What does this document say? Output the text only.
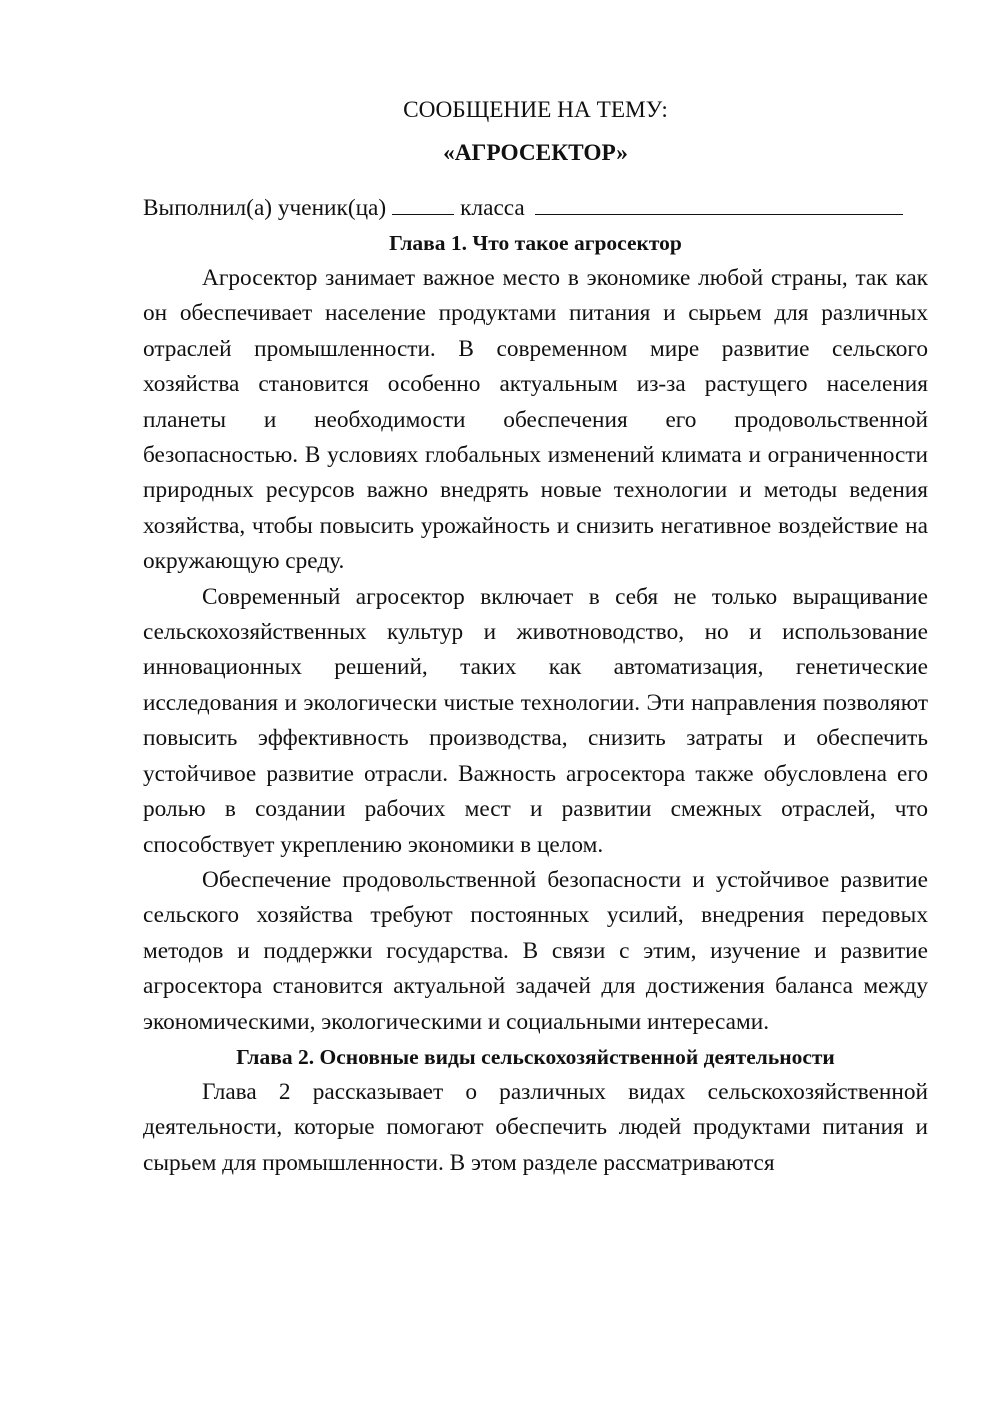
СООБЩЕНИЕ НА ТЕМУ:
«АГРОСЕКТОР»
Выполнил(а) ученик(ца)	класса
Глава 1. Что такое агросектор

Агросектор занимает важное место в экономике любой страны, так как он обеспечивает население продуктами питания и сырьем для различных отраслей промышленности. В современном мире развитие сельского хозяйства становится особенно актуальным из-за растущего населения планеты и необходимости обеспечения его продовольственной безопасностью. В условиях глобальных изменений климата и ограниченности природных ресурсов важно внедрять новые технологии и методы ведения хозяйства, чтобы повысить урожайность и снизить негативное воздействие на окружающую среду.

Современный агросектор включает в себя не только выращивание сельскохозяйственных культур и животноводство, но и использование инновационных решений, таких как автоматизация, генетические исследования и экологически чистые технологии. Эти направления позволяют повысить эффективность производства, снизить затраты и обеспечить устойчивое развитие отрасли. Важность агросектора также обусловлена его ролью в создании рабочих мест и развитии смежных отраслей, что способствует укреплению экономики в целом.

Обеспечение продовольственной безопасности и устойчивое развитие сельского хозяйства требуют постоянных усилий, внедрения передовых методов и поддержки государства. В связи с этим, изучение и развитие агросектора становится актуальной задачей для достижения баланса между экономическими, экологическими и социальными интересами.

Глава 2. Основные виды сельскохозяйственной деятельности

Глава 2 рассказывает о различных видах сельскохозяйственной деятельности, которые помогают обеспечить людей продуктами питания и сырьем для промышленности. В этом разделе рассматриваются
